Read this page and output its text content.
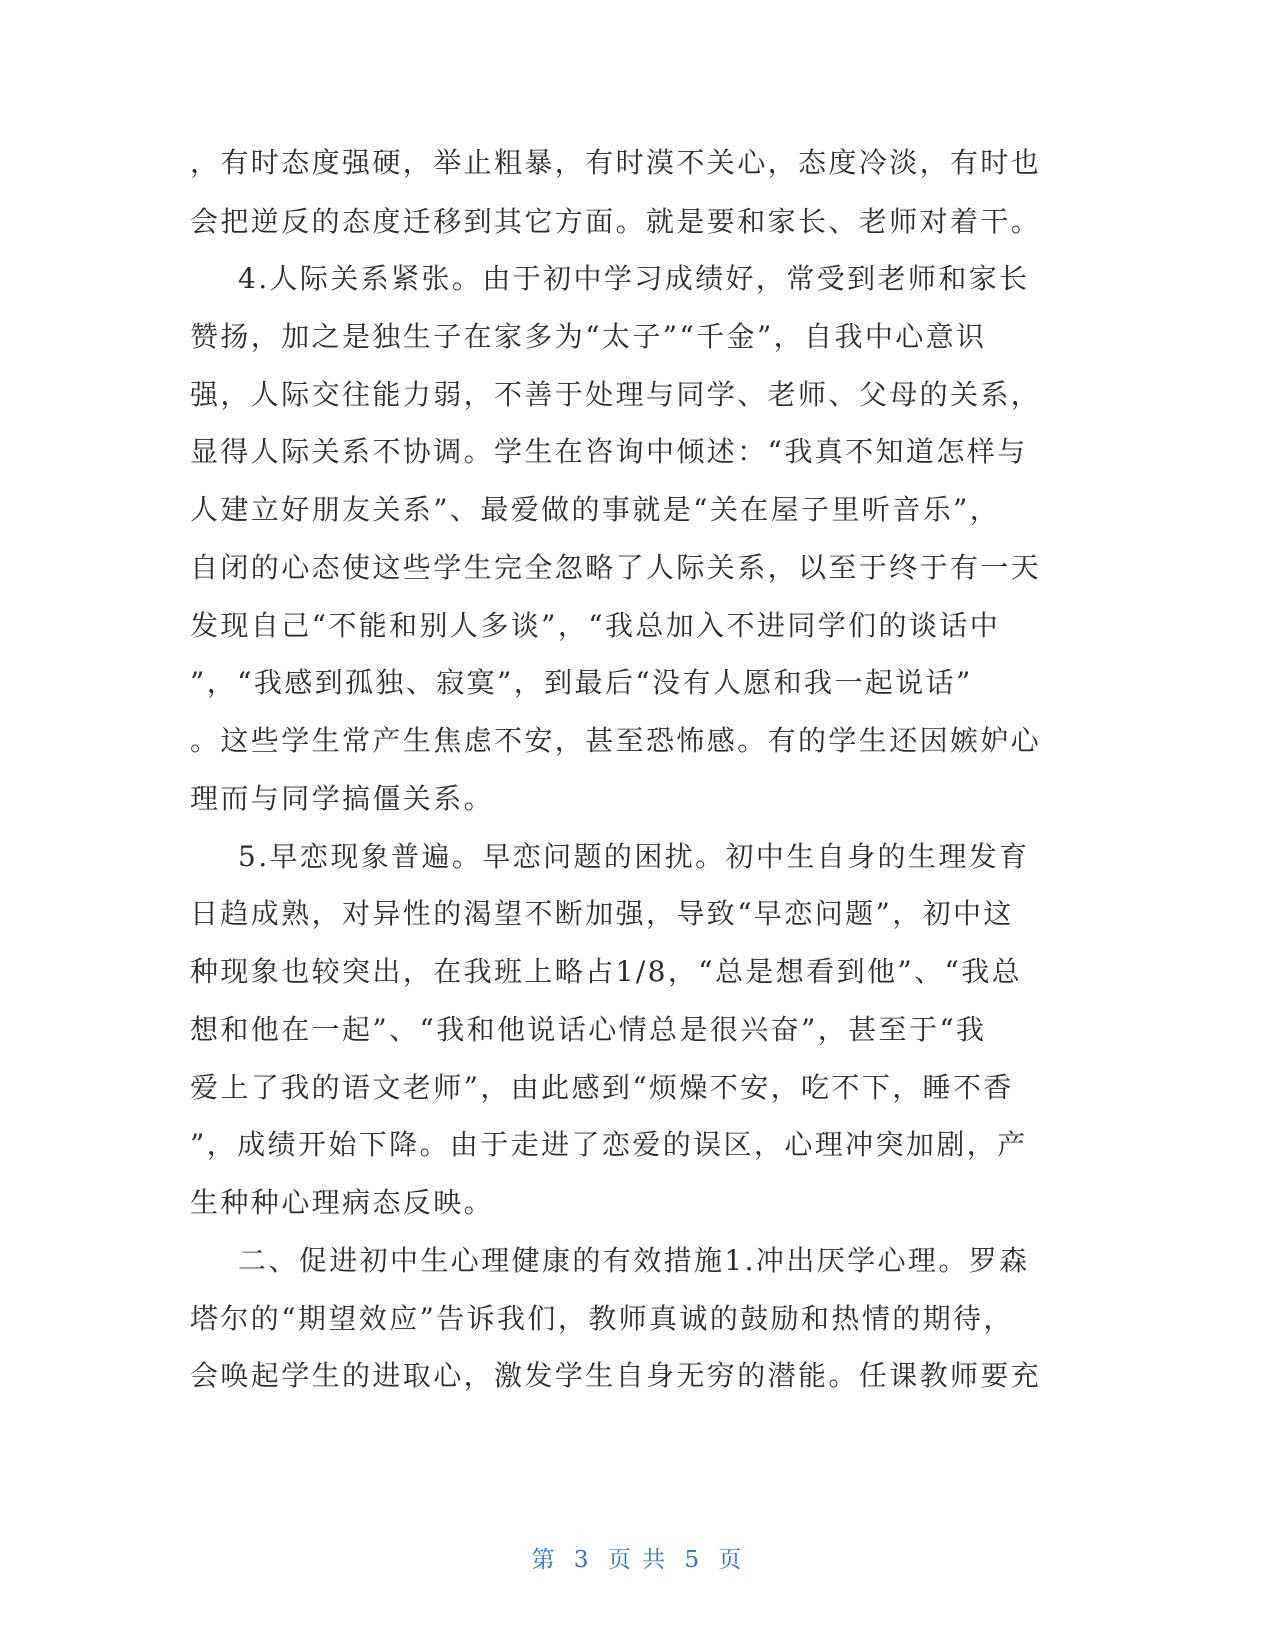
，有时态度强硬，举止粗暴，有时漠不关心，态度冷淡，有时也
会把逆反的态度迁移到其它方面。就是要和家长、老师对着干。
4.人际关系紧张。由于初中学习成绩好，常受到老师和家长
赞扬，加之是独生子在家多为“太子”“千金”，自我中心意识
强，人际交往能力弱，不善于处理与同学、老师、父母的关系，
显得人际关系不协调。学生在咨询中倾述：“我真不知道怎样与
人建立好朋友关系”、最爱做的事就是“关在屋子里听音乐”，
自闭的心态使这些学生完全忽略了人际关系，以至于终于有一天
发现自己“不能和别人多谈”，“我总加入不进同学们的谈话中
”，“我感到孤独、寂寞”，到最后“没有人愿和我一起说话”
。这些学生常产生焦虑不安，甚至恐怖感。有的学生还因嫉妒心
理而与同学搞僵关系。
5.早恋现象普遍。早恋问题的困扰。初中生自身的生理发育
日趋成熟，对异性的渴望不断加强，导致“早恋问题”，初中这
种现象也较突出，在我班上略占1/8，“总是想看到他”、“我总
想和他在一起”、“我和他说话心情总是很兴奋”，甚至于“我
爱上了我的语文老师”，由此感到“烦燥不安，吃不下，睡不香
”，成绩开始下降。由于走进了恋爱的误区，心理冲突加剧，产
生种种心理病态反映。
二、促进初中生心理健康的有效措施1.冲出厌学心理。罗森
塔尔的“期望效应”告诉我们，教师真诚的鼓励和热情的期待，
会唤起学生的进取心，激发学生自身无穷的潜能。任课教师要充
第 3 页 共 5 页
